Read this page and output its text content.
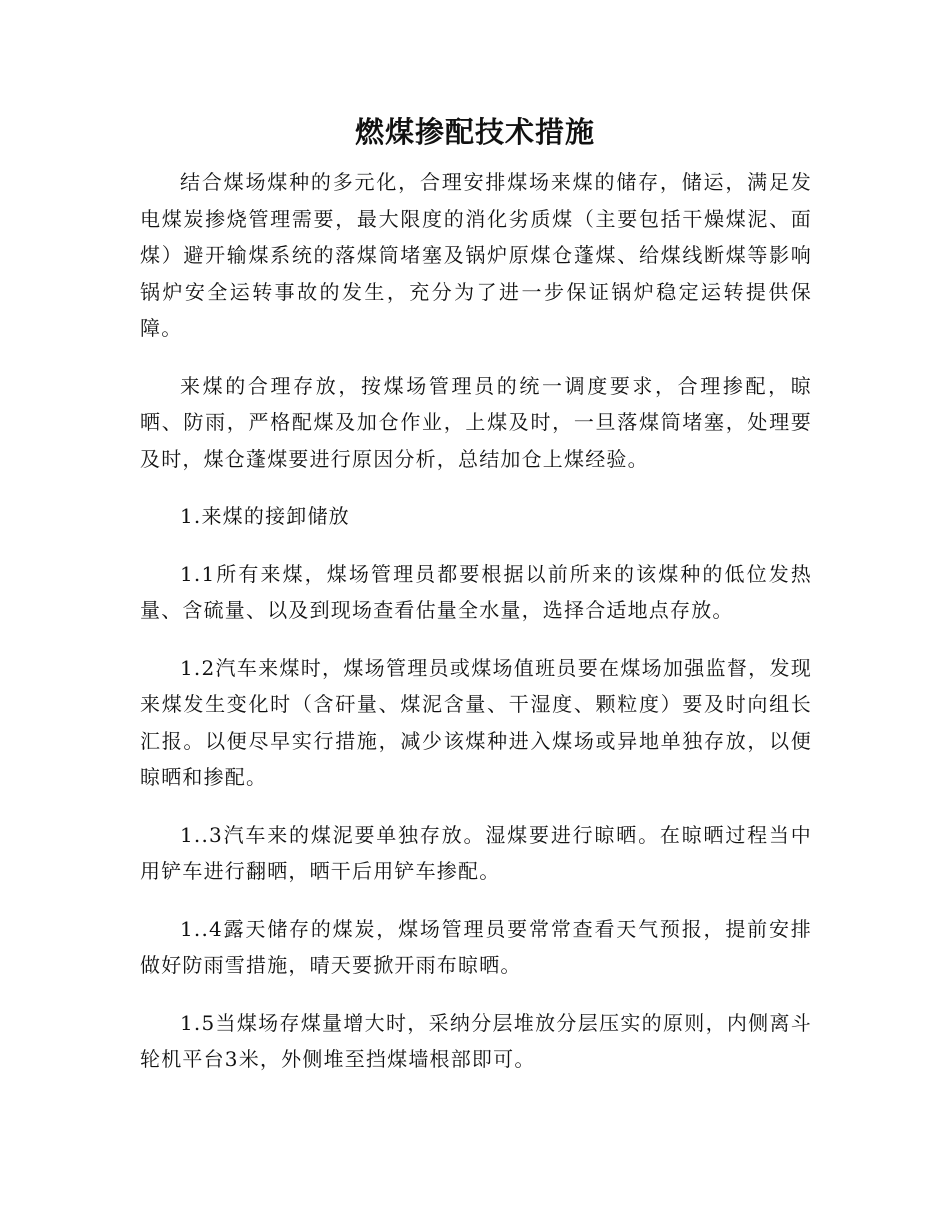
燃煤掺配技术措施

结合煤场煤种的多元化，合理安排煤场来煤的储存，储运，满足发电煤炭掺烧管理需要，最大限度的消化劣质煤（主要包括干燥煤泥、面煤）避开输煤系统的落煤筒堵塞及锅炉原煤仓蓬煤、给煤线断煤等影响锅炉安全运转事故的发生，充分为了进一步保证锅炉稳定运转提供保障。

来煤的合理存放，按煤场管理员的统一调度要求，合理掺配，晾晒、防雨，严格配煤及加仓作业，上煤及时，一旦落煤筒堵塞，处理要及时，煤仓蓬煤要进行原因分析，总结加仓上煤经验。

1.来煤的接卸储放

1.1所有来煤，煤场管理员都要根据以前所来的该煤种的低位发热量、含硫量、以及到现场查看估量全水量，选择合适地点存放。

1.2汽车来煤时，煤场管理员或煤场值班员要在煤场加强监督，发现来煤发生变化时（含矸量、煤泥含量、干湿度、颗粒度）要及时向组长汇报。以便尽早实行措施，减少该煤种进入煤场或异地单独存放，以便晾晒和掺配。

1..3汽车来的煤泥要单独存放。湿煤要进行晾晒。在晾晒过程当中用铲车进行翻晒，晒干后用铲车掺配。

1..4露天储存的煤炭，煤场管理员要常常查看天气预报，提前安排做好防雨雪措施，晴天要掀开雨布晾晒。

1.5当煤场存煤量增大时，采纳分层堆放分层压实的原则，内侧离斗轮机平台3米，外侧堆至挡煤墙根部即可。
